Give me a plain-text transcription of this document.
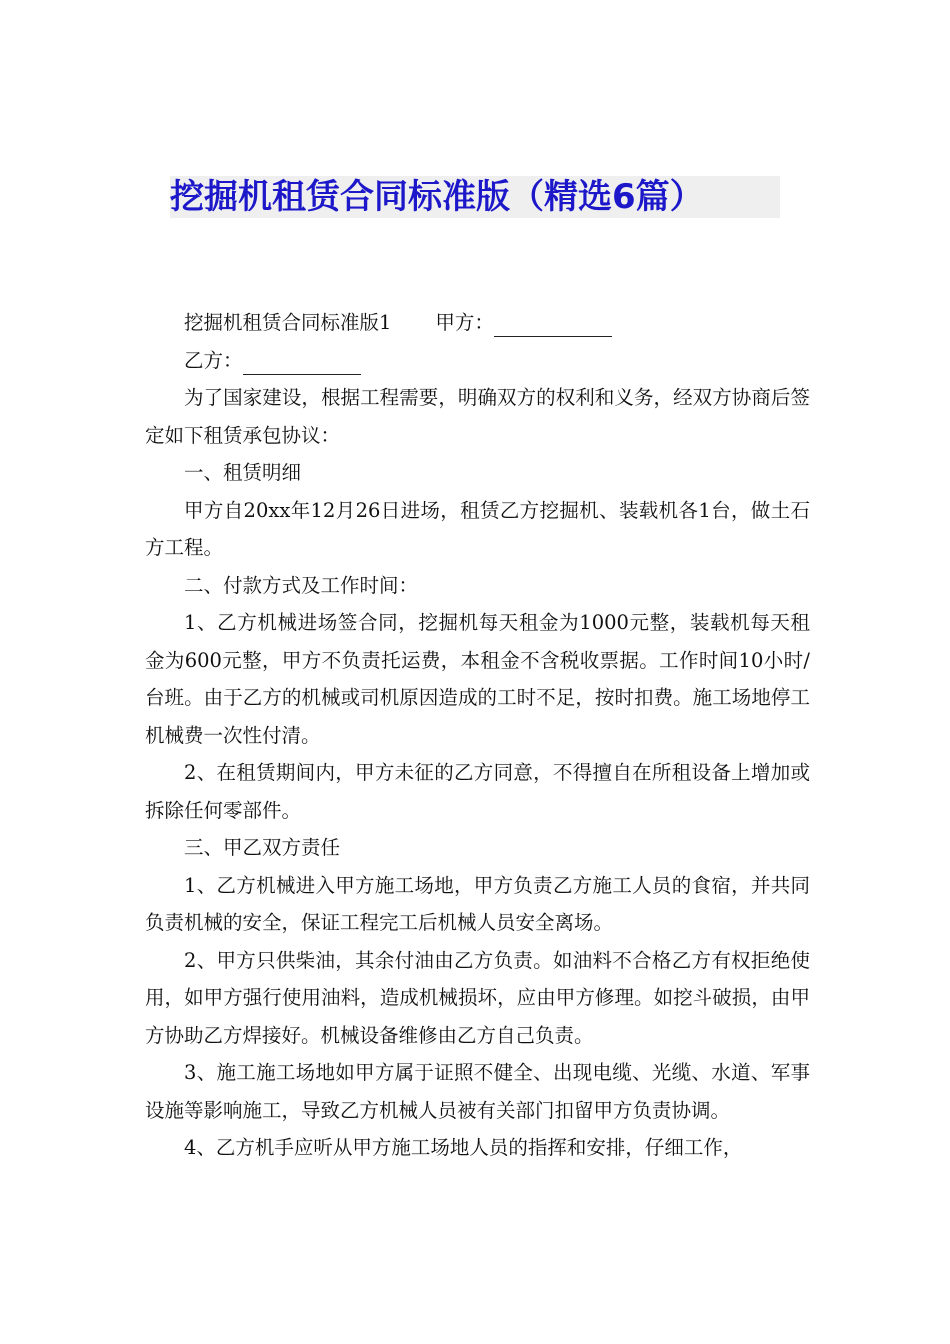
挖掘机租赁合同标准版（精选6篇）

挖掘机租赁合同标准版1 甲方：

乙方：

为了国家建设，根据工程需要，明确双方的权利和义务，经双方协商后签定如下租赁承包协议：

一、租赁明细

甲方自20xx年12月26日进场，租赁乙方挖掘机、装载机各1台，做土石方工程。

二、付款方式及工作时间：

1、乙方机械进场签合同，挖掘机每天租金为1000元整，装载机每天租金为600元整，甲方不负责托运费，本租金不含税收票据。工作时间10小时/台班。由于乙方的机械或司机原因造成的工时不足，按时扣费。施工场地停工机械费一次性付清。

2、在租赁期间内，甲方未征的乙方同意，不得擅自在所租设备上增加或拆除任何零部件。

三、甲乙双方责任

1、乙方机械进入甲方施工场地，甲方负责乙方施工人员的食宿，并共同负责机械的安全，保证工程完工后机械人员安全离场。

2、甲方只供柴油，其余付油由乙方负责。如油料不合格乙方有权拒绝使用，如甲方强行使用油料，造成机械损坏，应由甲方修理。如挖斗破损，由甲方协助乙方焊接好。机械设备维修由乙方自己负责。

3、施工施工场地如甲方属于证照不健全、出现电缆、光缆、水道、军事设施等影响施工，导致乙方机械人员被有关部门扣留甲方负责协调。

4、乙方机手应听从甲方施工场地人员的指挥和安排，仔细工作，
